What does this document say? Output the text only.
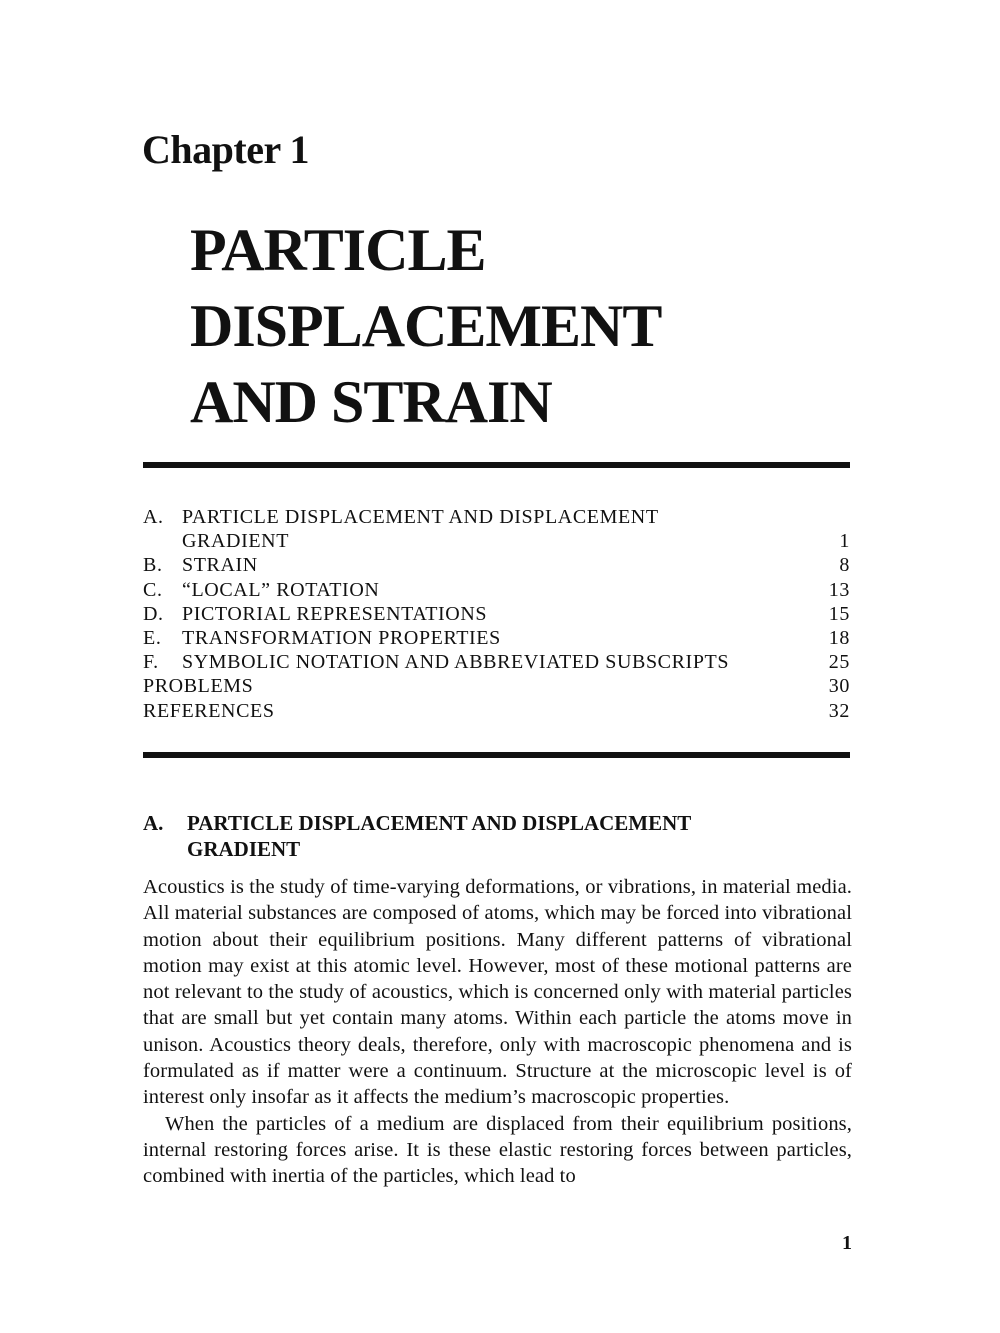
Chapter 1
PARTICLE
DISPLACEMENT
AND STRAIN
A. PARTICLE DISPLACEMENT AND DISPLACEMENT
GRADIENT	1
B. STRAIN	8
C. “LOCAL” ROTATION	13
D. PICTORIAL REPRESENTATIONS	15
E. TRANSFORMATION PROPERTIES	18
F. SYMBOLIC NOTATION AND ABBREVIATED SUBSCRIPTS	25
PROBLEMS	30
REFERENCES	32
A. PARTICLE DISPLACEMENT AND DISPLACEMENT GRADIENT

Acoustics is the study of time-varying deformations, or vibrations, in material media. All material substances are composed of atoms, which may be forced into vibrational motion about their equilibrium positions. Many different patterns of vibrational motion may exist at this atomic level. However, most of these motional patterns are not relevant to the study of acoustics, which is concerned only with material particles that are small but yet contain many atoms. Within each particle the atoms move in unison. Acoustics theory deals, therefore, only with macroscopic phenomena and is formulated as if matter were a continuum. Structure at the microscopic level is of interest only insofar as it affects the medium’s macroscopic properties.

When the particles of a medium are displaced from their equilibrium positions, internal restoring forces arise. It is these elastic restoring forces between particles, combined with inertia of the particles, which lead to

1
